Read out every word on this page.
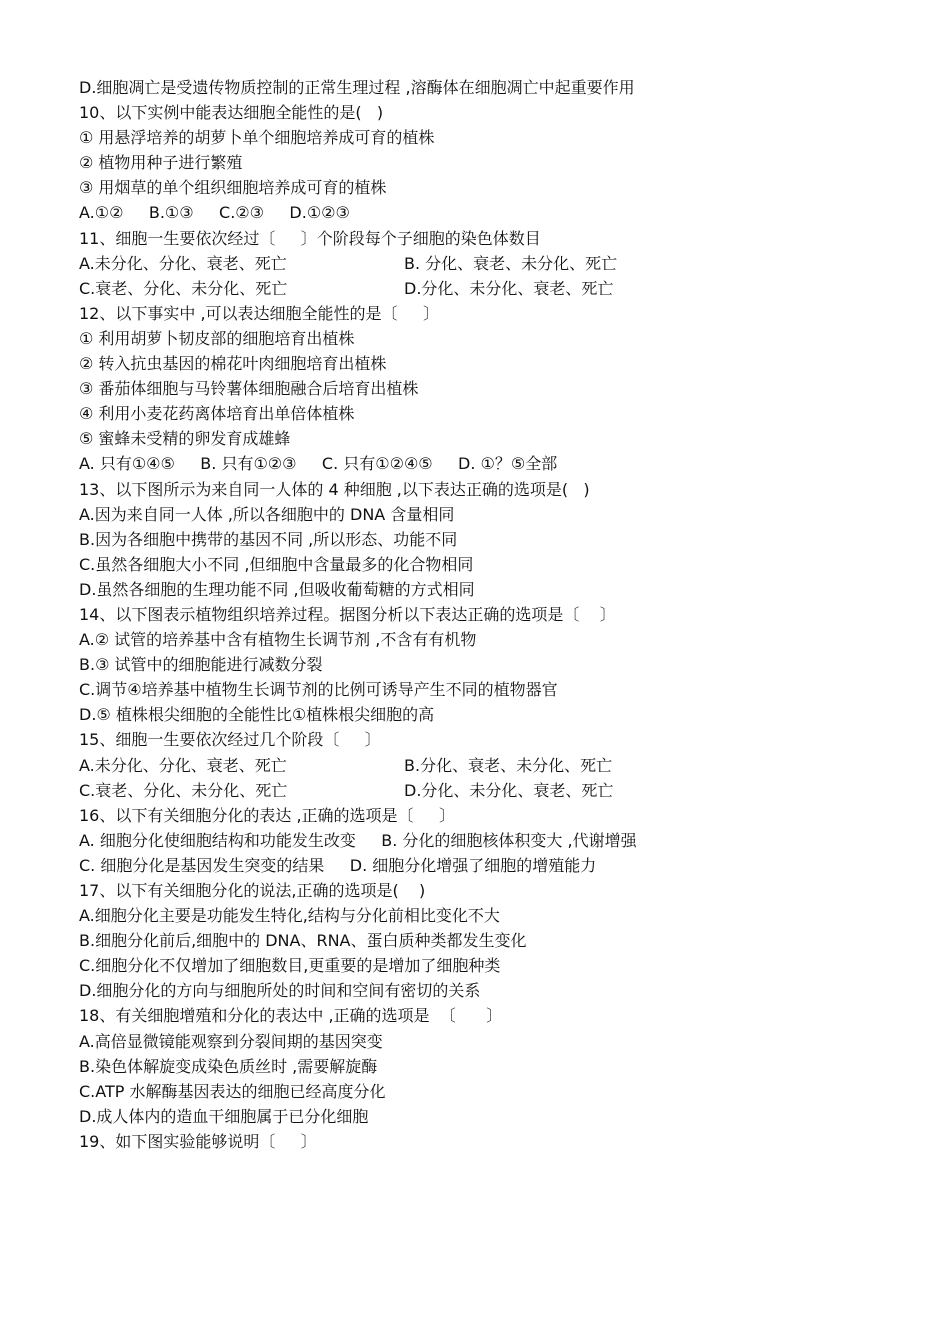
D.细胞凋亡是受遗传物质控制的正常生理过程 ,溶酶体在细胞凋亡中起重要作用
10、以下实例中能表达细胞全能性的是(   )
① 用悬浮培养的胡萝卜单个细胞培养成可育的植株
② 植物用种子进行繁殖
③ 用烟草的单个组织细胞培养成可育的植株
A.①②     B.①③     C.②③     D.①②③
11、细胞一生要依次经过〔     〕个阶段每个子细胞的染色体数目
A.未分化、分化、衰老、死亡	B. 分化、衰老、未分化、死亡
C.衰老、分化、未分化、死亡	D.分化、未分化、衰老、死亡
12、以下事实中 ,可以表达细胞全能性的是〔     〕
① 利用胡萝卜韧皮部的细胞培育出植株
② 转入抗虫基因的棉花叶肉细胞培育出植株
③ 番茄体细胞与马铃薯体细胞融合后培育出植株
④ 利用小麦花药离体培育出单倍体植株
⑤ 蜜蜂未受精的卵发育成雄蜂
A. 只有①④⑤     B. 只有①②③     C. 只有①②④⑤     D. ①？⑤全部
13、以下图所示为来自同一人体的 4 种细胞 ,以下表达正确的选项是(   )
A.因为来自同一人体 ,所以各细胞中的 DNA 含量相同
B.因为各细胞中携带的基因不同 ,所以形态、功能不同
C.虽然各细胞大小不同 ,但细胞中含量最多的化合物相同
D.虽然各细胞的生理功能不同 ,但吸收葡萄糖的方式相同
14、以下图表示植物组织培养过程。据图分析以下表达正确的选项是〔    〕
A.② 试管的培养基中含有植物生长调节剂 ,不含有有机物
B.③ 试管中的细胞能进行减数分裂
C.调节④培养基中植物生长调节剂的比例可诱导产生不同的植物器官
D.⑤ 植株根尖细胞的全能性比①植株根尖细胞的高
15、细胞一生要依次经过几个阶段〔     〕
A.未分化、分化、衰老、死亡	B.分化、衰老、未分化、死亡
C.衰老、分化、未分化、死亡	D.分化、未分化、衰老、死亡
16、以下有关细胞分化的表达 ,正确的选项是〔     〕
A. 细胞分化使细胞结构和功能发生改变     B. 分化的细胞核体积变大 ,代谢增强
C. 细胞分化是基因发生突变的结果     D. 细胞分化增强了细胞的增殖能力
17、以下有关细胞分化的说法,正确的选项是(    )
A.细胞分化主要是功能发生特化,结构与分化前相比变化不大
B.细胞分化前后,细胞中的 DNA、RNA、蛋白质种类都发生变化
C.细胞分化不仅增加了细胞数目,更重要的是增加了细胞种类
D.细胞分化的方向与细胞所处的时间和空间有密切的关系
18、有关细胞增殖和分化的表达中 ,正确的选项是  〔      〕
A.高倍显微镜能观察到分裂间期的基因突变
B.染色体解旋变成染色质丝时 ,需要解旋酶
C.ATP 水解酶基因表达的细胞已经高度分化
D.成人体内的造血干细胞属于已分化细胞
19、如下图实验能够说明〔     〕
